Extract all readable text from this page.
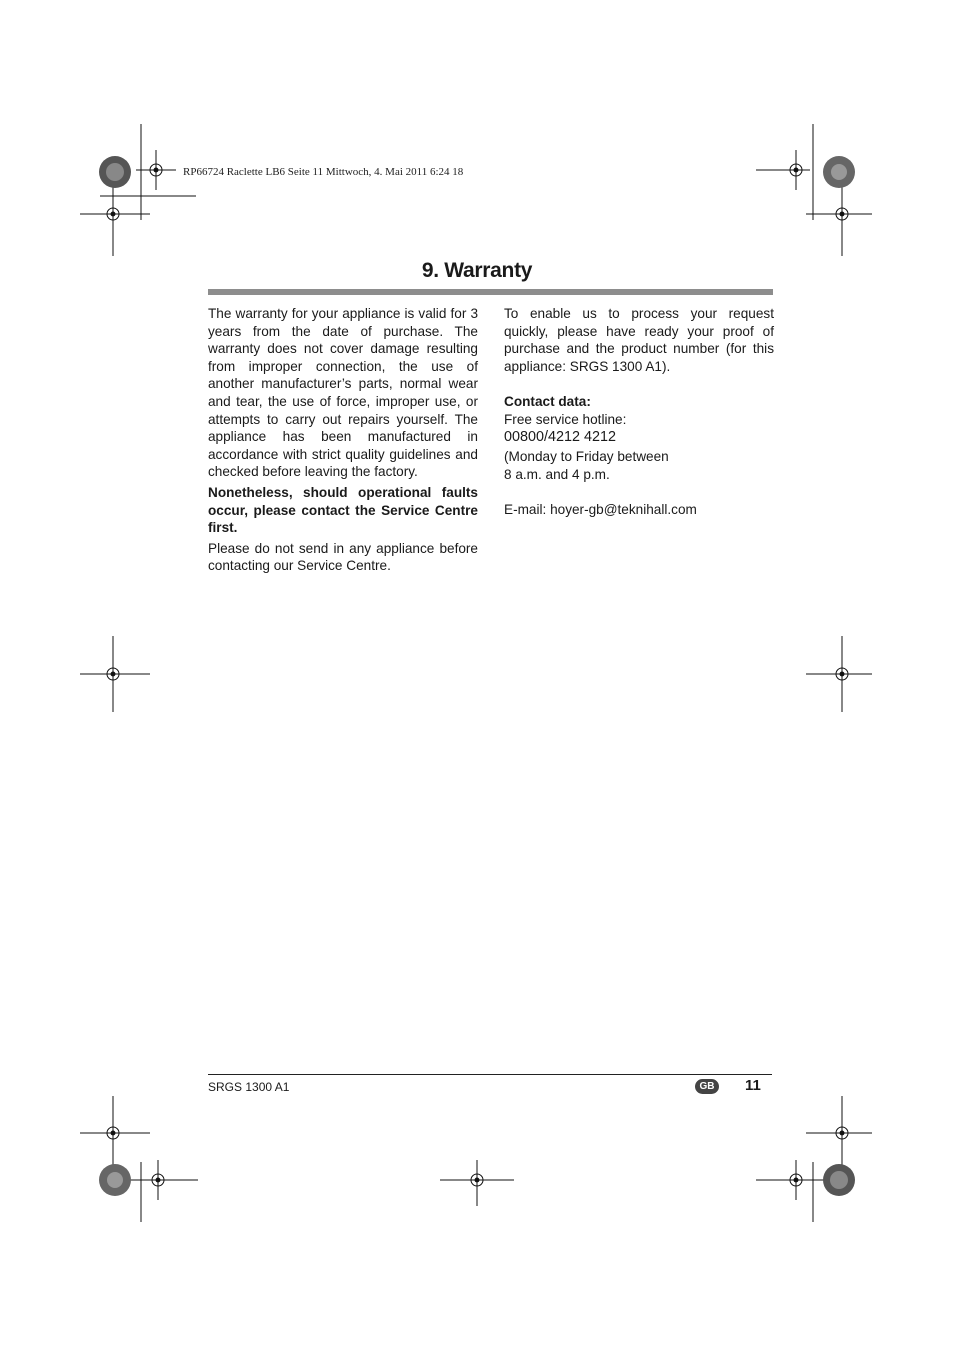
RP66724 Raclette LB6 Seite 11 Mittwoch, 4. Mai 2011 6:24 18
9. Warranty

The warranty for your appliance is valid for 3 years from the date of purchase. The warranty does not cover damage resulting from improper connection, the use of another manufacturer’s parts, normal wear and tear, the use of force, improper use, or attempts to carry out repairs yourself. The appliance has been manufactured in accordance with strict quality guidelines and checked before leaving the factory.

Nonetheless, should operational faults occur, please contact the Service Centre first.

Please do not send in any appliance before contacting our Service Centre.

To enable us to process your request quickly, please have ready your proof of purchase and the product number (for this appliance: SRGS 1300 A1).

Contact data:

Free service hotline:

00800/4212 4212

(Monday to Friday between

8 a.m. and 4 p.m.

E-mail: hoyer-gb@teknihall.com

SRGS 1300 A1	GB	11
